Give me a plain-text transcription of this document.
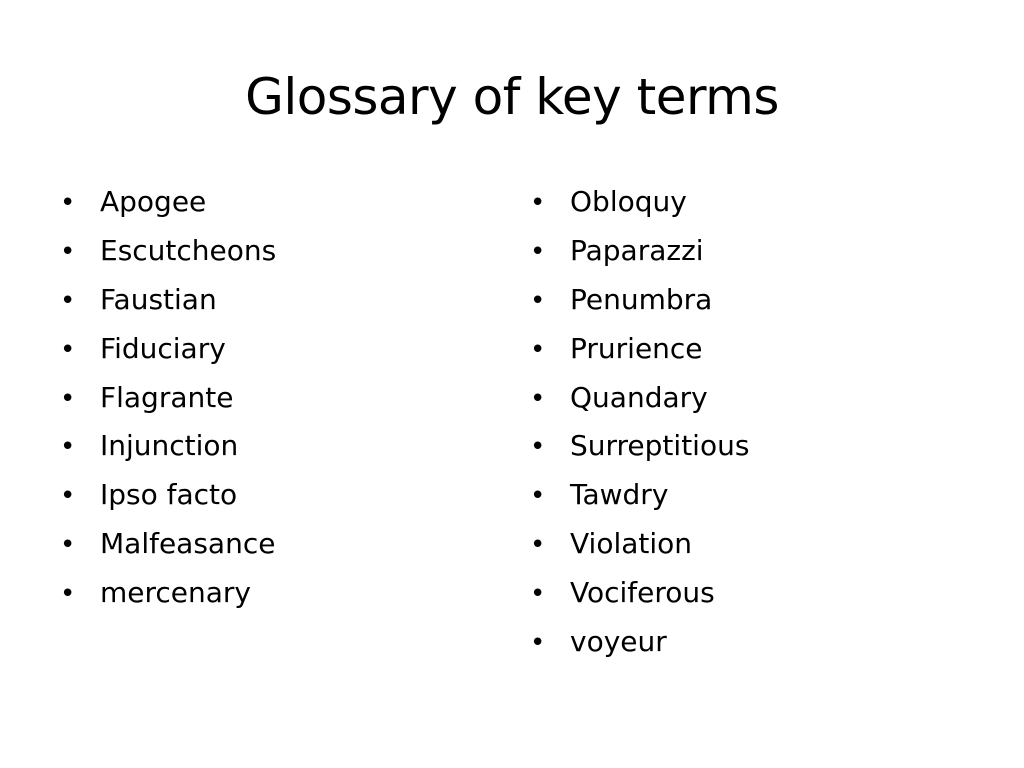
Glossary of key terms
• Apogee
• Escutcheons
• Faustian
• Fiduciary
• Flagrante
• Injunction
• Ipso facto
• Malfeasance
• mercenary
• Obloquy
• Paparazzi
• Penumbra
• Prurience
• Quandary
• Surreptitious
• Tawdry
• Violation
• Vociferous
• voyeur
